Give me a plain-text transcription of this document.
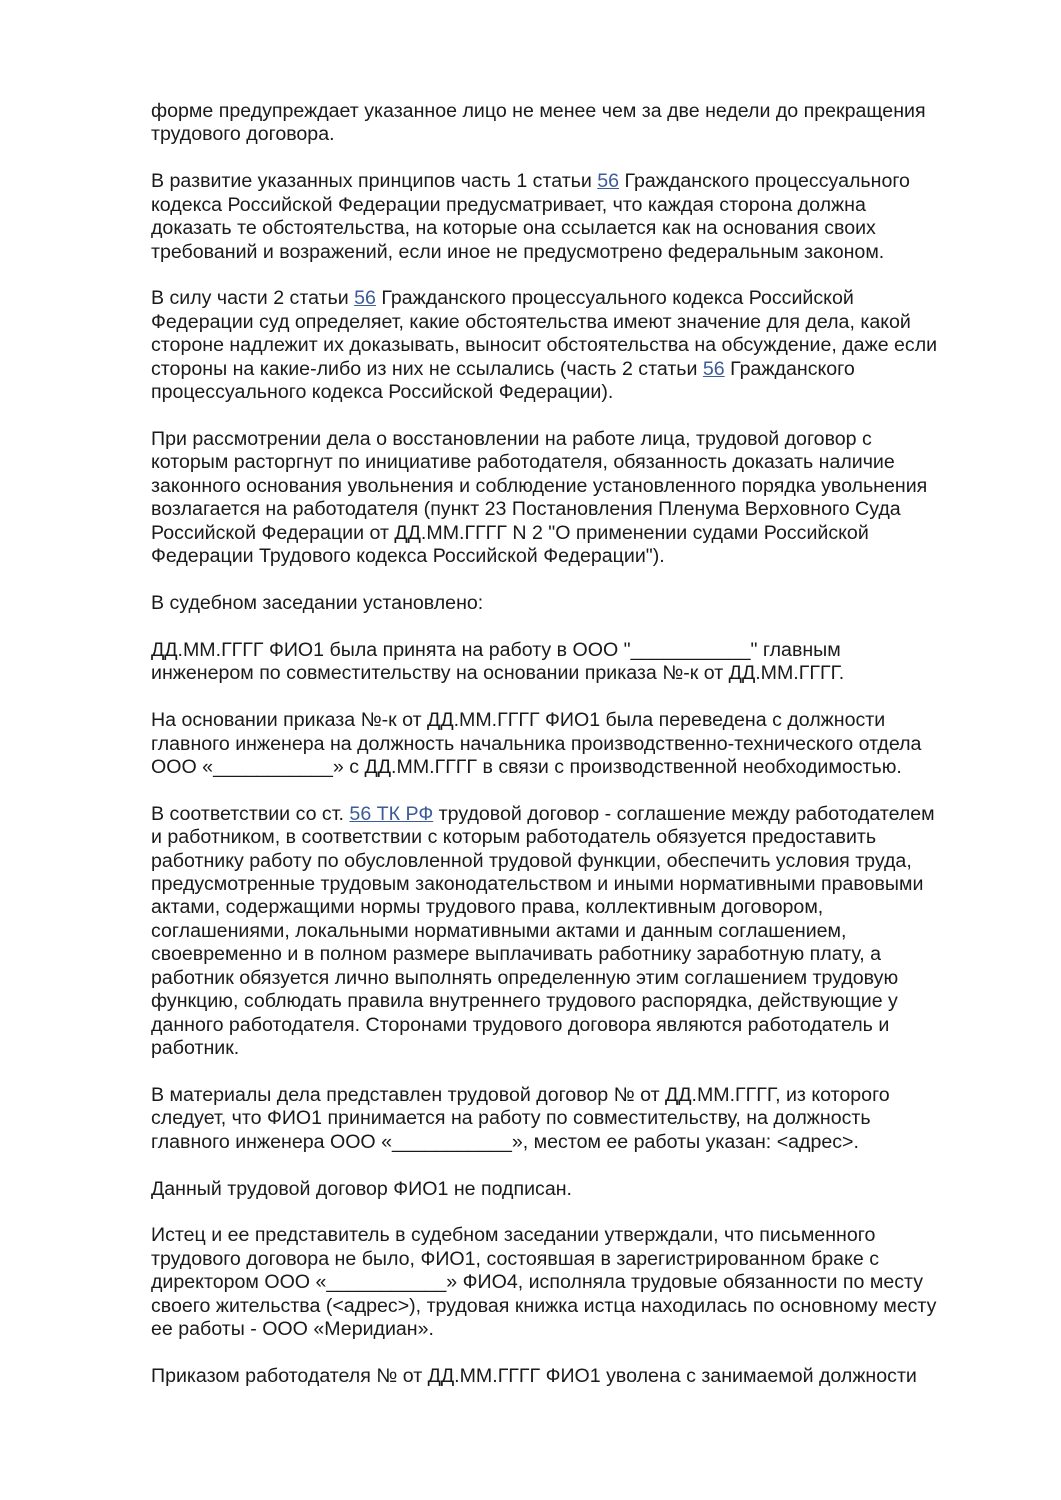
форме предупреждает указанное лицо не менее чем за две недели до прекращения
трудового договора.

В развитие указанных принципов часть 1 статьи 56 Гражданского процессуального
кодекса Российской Федерации предусматривает, что каждая сторона должна
доказать те обстоятельства, на которые она ссылается как на основания своих
требований и возражений, если иное не предусмотрено федеральным законом.

В силу части 2 статьи 56 Гражданского процессуального кодекса Российской
Федерации суд определяет, какие обстоятельства имеют значение для дела, какой
стороне надлежит их доказывать, выносит обстоятельства на обсуждение, даже если
стороны на какие-либо из них не ссылались (часть 2 статьи 56 Гражданского
процессуального кодекса Российской Федерации).

При рассмотрении дела о восстановлении на работе лица, трудовой договор с
которым расторгнут по инициативе работодателя, обязанность доказать наличие
законного основания увольнения и соблюдение установленного порядка увольнения
возлагается на работодателя (пункт 23 Постановления Пленума Верховного Суда
Российской Федерации от ДД.ММ.ГГГГ N 2 "О применении судами Российской
Федерации Трудового кодекса Российской Федерации").

В судебном заседании установлено:

ДД.ММ.ГГГГ ФИО1 была принята на работу в ООО "___________" главным
инженером по совместительству на основании приказа №-к от ДД.ММ.ГГГГ.

На основании приказа №-к от ДД.ММ.ГГГГ ФИО1 была переведена с должности
главного инженера на должность начальника производственно-технического отдела
ООО «___________» с ДД.ММ.ГГГГ в связи с производственной необходимостью.

В соответствии со ст. 56 ТК РФ трудовой договор - соглашение между работодателем
и работником, в соответствии с которым работодатель обязуется предоставить
работнику работу по обусловленной трудовой функции, обеспечить условия труда,
предусмотренные трудовым законодательством и иными нормативными правовыми
актами, содержащими нормы трудового права, коллективным договором,
соглашениями, локальными нормативными актами и данным соглашением,
своевременно и в полном размере выплачивать работнику заработную плату, а
работник обязуется лично выполнять определенную этим соглашением трудовую
функцию, соблюдать правила внутреннего трудового распорядка, действующие у
данного работодателя. Сторонами трудового договора являются работодатель и
работник.

В материалы дела представлен трудовой договор № от ДД.ММ.ГГГГ, из которого
следует, что ФИО1 принимается на работу по совместительству, на должность
главного инженера ООО «___________», местом ее работы указан: <адрес>.

Данный трудовой договор ФИО1 не подписан.

Истец и ее представитель в судебном заседании утверждали, что письменного
трудового договора не было, ФИО1, состоявшая в зарегистрированном браке с
директором ООО «___________» ФИО4, исполняла трудовые обязанности по месту
своего жительства (<адрес>), трудовая книжка истца находилась по основному месту
ее работы - ООО «Меридиан».

Приказом работодателя № от ДД.ММ.ГГГГ ФИО1 уволена с занимаемой должности
